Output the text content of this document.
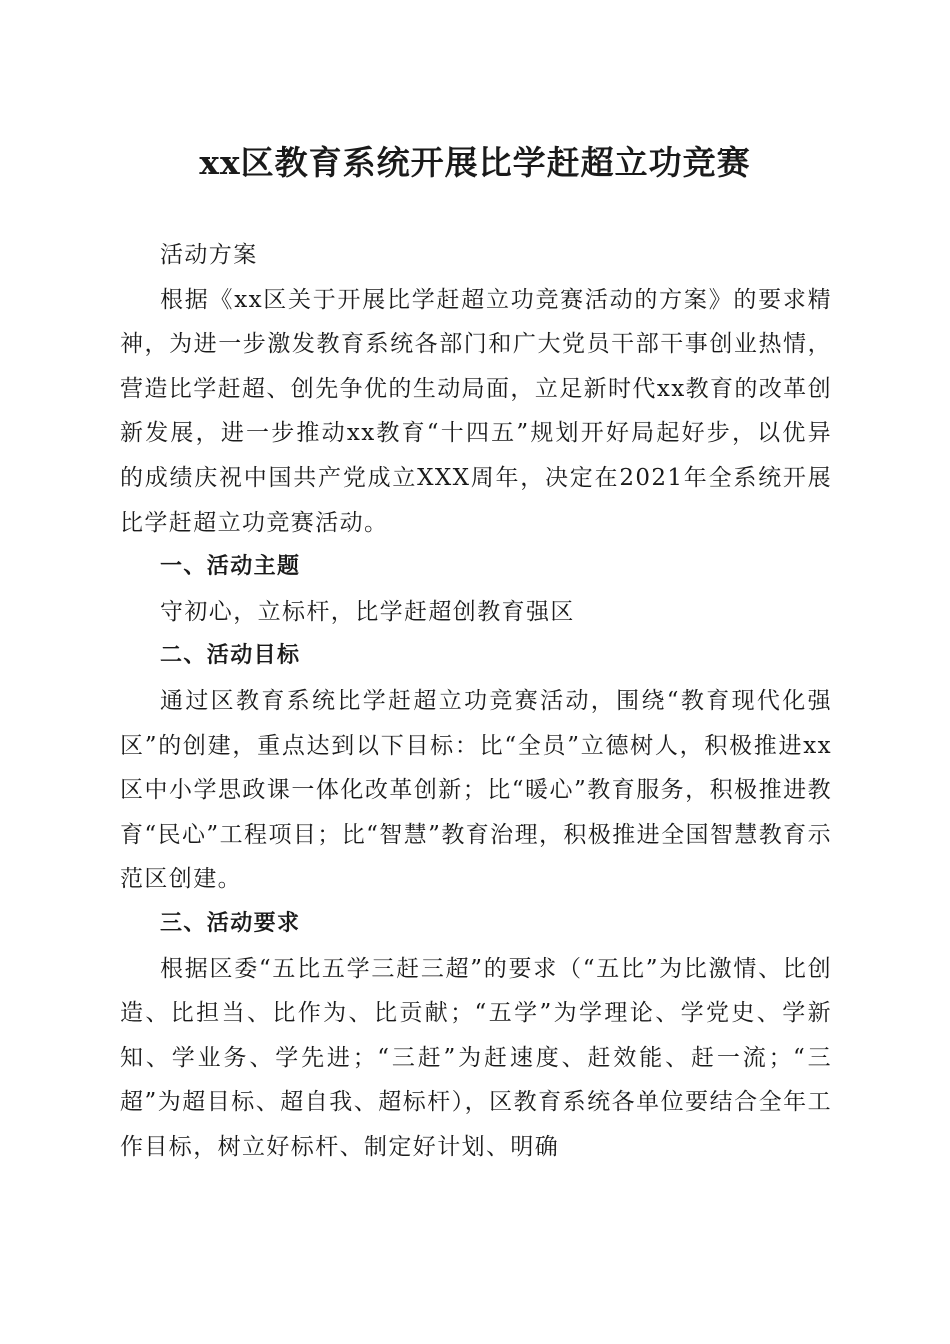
xx区教育系统开展比学赶超立功竞赛

活动方案

根据《xx区关于开展比学赶超立功竞赛活动的方案》的要求精神，为进一步激发教育系统各部门和广大党员干部干事创业热情，营造比学赶超、创先争优的生动局面，立足新时代xx教育的改革创新发展，进一步推动xx教育“十四五”规划开好局起好步，以优异的成绩庆祝中国共产党成立XXX周年，决定在2021年全系统开展比学赶超立功竞赛活动。

一、活动主题

守初心，立标杆，比学赶超创教育强区

二、活动目标

通过区教育系统比学赶超立功竞赛活动，围绕“教育现代化强区”的创建，重点达到以下目标：比“全员”立德树人，积极推进xx区中小学思政课一体化改革创新；比“暖心”教育服务，积极推进教育“民心”工程项目；比“智慧”教育治理，积极推进全国智慧教育示范区创建。

三、活动要求

根据区委“五比五学三赶三超”的要求（“五比”为比激情、比创造、比担当、比作为、比贡献；“五学”为学理论、学党史、学新知、学业务、学先进；“三赶”为赶速度、赶效能、赶一流；“三超”为超目标、超自我、超标杆），区教育系统各单位要结合全年工作目标，树立好标杆、制定好计划、明确
